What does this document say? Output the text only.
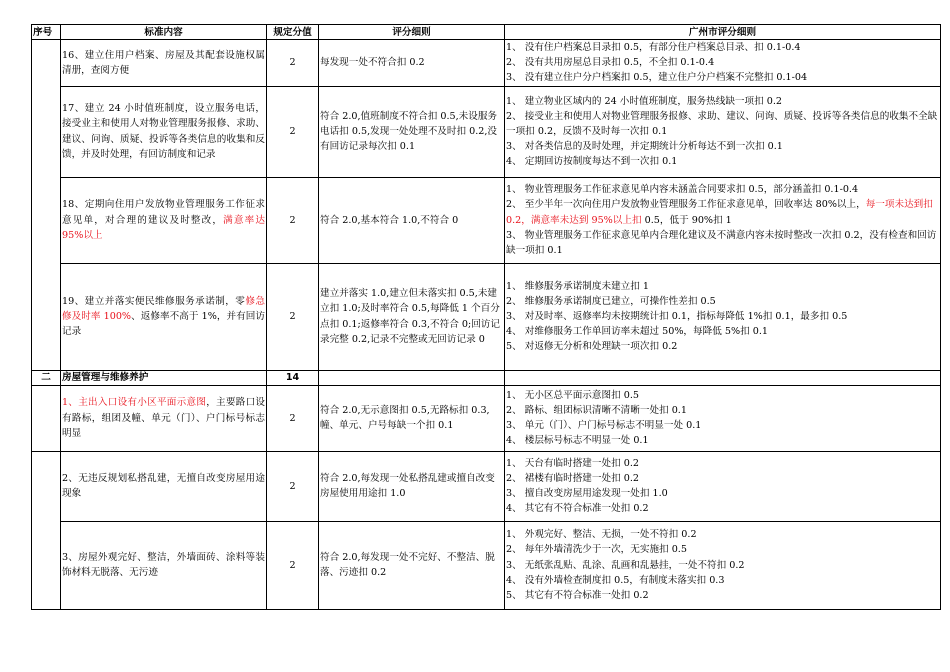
序号	标准内容	规定分值	评分细则	广州市评分细则
	16、建立住用户档案、房屋及其配套设施权属清册，查阅方便	2	每发现一处不符合扣 0.2	1、 没有住户档案总目录扣 0.5，有部分住户档案总目录、扣 0.1-0.4
2、 没有共用房屋总目录扣 0.5，不全扣 0.1-0.4
3、 没有建立住户分户档案扣 0.5，建立住户分户档案不完整扣 0.1-04

	17、建立 24 小时值班制度，设立服务电话，接受业主和使用人对物业管理服务报修、求助、建议、问询、质疑、投诉等各类信息的收集和反馈，并及时处理，有回访制度和记录	2	符合 2.0,值班制度不符合扣 0.5,未设服务电话扣 0.5,发现一处处理不及时扣 0.2,没有回访记录每次扣 0.1	1、 建立物业区域内的 24 小时值班制度，服务热线缺一项扣 0.2
2、 接受业主和使用人对物业管理服务报修、求助、建议、问询、质疑、投诉等各类信息的收集不全缺一项扣 0.2，反馈不及时每一次扣 0.1
3、 对各类信息的及时处理，并定期统计分析每达不到一次扣 0.1
4、 定期回访按制度每达不到一次扣 0.1

	18、定期向住用户发放物业管理服务工作征求意见单，对合理的建议及时整改，满意率达 95%以上	2	符合 2.0,基本符合 1.0,不符合 0	1、 物业管理服务工作征求意见单内容未涵盖合同要求扣 0.5，部分涵盖扣 0.1-0.4
2、 至少半年一次向住用户发放物业管理服务工作征求意见单，回收率达 80%以上，每一项未达到扣 0.2，满意率未达到 95%以上扣 0.5，低于 90%扣 1
3、 物业管理服务工作征求意见单内合理化建议及不满意内容未按时整改一次扣 0.2，没有检查和回访缺一项扣 0.1

	19、建立并落实便民维修服务承诺制，零修急修及时率 100%、返修率不高于 1%，并有回访记录	2	建立并落实 1.0,建立但未落实扣 0.5,未建立扣 1.0;及时率符合 0.5,每降低 1 个百分点扣 0.1;返修率符合 0.3,不符合 0;回访记录完整 0.2,记录不完整或无回访记录 0	1、 维修服务承诺制度未建立扣 1
2、 维修服务承诺制度已建立，可操作性差扣 0.5
3、 对及时率、返修率均未按期统计扣 0.1，指标每降低 1%扣 0.1，最多扣 0.5
4、 对维修服务工作单回访率未超过 50%，每降低 5%扣 0.1
5、 对返修无分析和处理缺一项次扣 0.2

二	房屋管理与维修养护	14		
	1、主出入口设有小区平面示意图，主要路口设有路标，组团及幢、单元（门）、户门标号标志明显	2	符合 2.0,无示意图扣 0.5,无路标扣 0.3,幢、单元、户号每缺一个扣 0.1	1、 无小区总平面示意图扣 0.5
2、 路标、组团标识清晰不清晰一处扣 0.1
3、 单元（门）、户门标号标志不明显一处 0.1
4、 楼层标号标志不明显一处 0.1

	2、无违反规划私搭乱建，无擅自改变房屋用途现象	2	符合 2.0,每发现一处私搭乱建或擅自改变房屋使用用途扣 1.0	1、 天台有临时搭建一处扣 0.2
2、 裙楼有临时搭建一处扣 0.2
3、 擅自改变房屋用途发现一处扣 1.0
4、 其它有不符合标准一处扣 0.2

	3、房屋外观完好、整洁，外墙面砖、涂料等装饰材料无脱落、无污迹	2	符合 2.0,每发现一处不完好、不整洁、脱落、污迹扣 0.2	1、 外观完好、整洁、无损，一处不符扣 0.2
2、 每年外墙清洗少于一次，无实施扣 0.5
3、 无纸张乱贴、乱涂、乱画和乱悬挂，一处不符扣 0.2
4、 没有外墙检查制度扣 0.5，有制度未落实扣 0.3
5、 其它有不符合标准一处扣 0.2
